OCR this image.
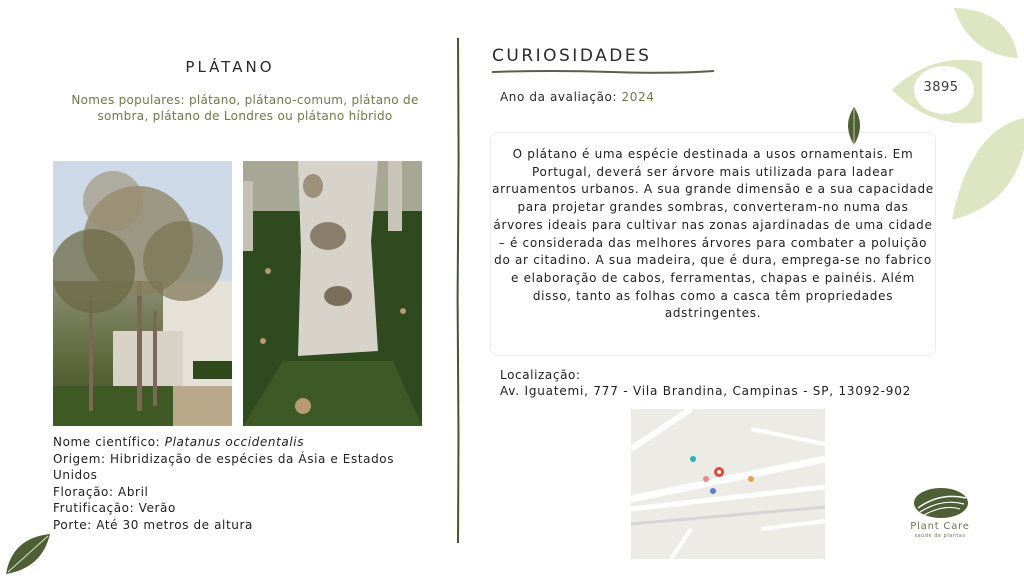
PLÁTANO
Nomes populares: plátano, plátano-comum, plátano de sombra, plátano de Londres ou plátano híbrido
Nome científico: Platanus occidentalis
Origem: Hibridização de espécies da Ásia e Estados Unidos
Floração: Abril
Frutificação: Verão
Porte: Até 30 metros de altura
CURIOSIDADES
Ano da avaliação: 2024
O plátano é uma espécie destinada a usos ornamentais. Em Portugal, deverá ser árvore mais utilizada para ladear arruamentos urbanos. A sua grande dimensão e a sua capacidade para projetar grandes sombras, converteram-no numa das árvores ideais para cultivar nas zonas ajardinadas de uma cidade – é considerada das melhores árvores para combater a poluição do ar citadino. A sua madeira, que é dura, emprega-se no fabrico e elaboração de cabos, ferramentas, chapas e painéis. Além disso, tanto as folhas como a casca têm propriedades adstringentes.
Localização:
Av. Iguatemi, 777 - Vila Brandina, Campinas - SP, 13092-902
3895
Plant Care
saúde de plantas
